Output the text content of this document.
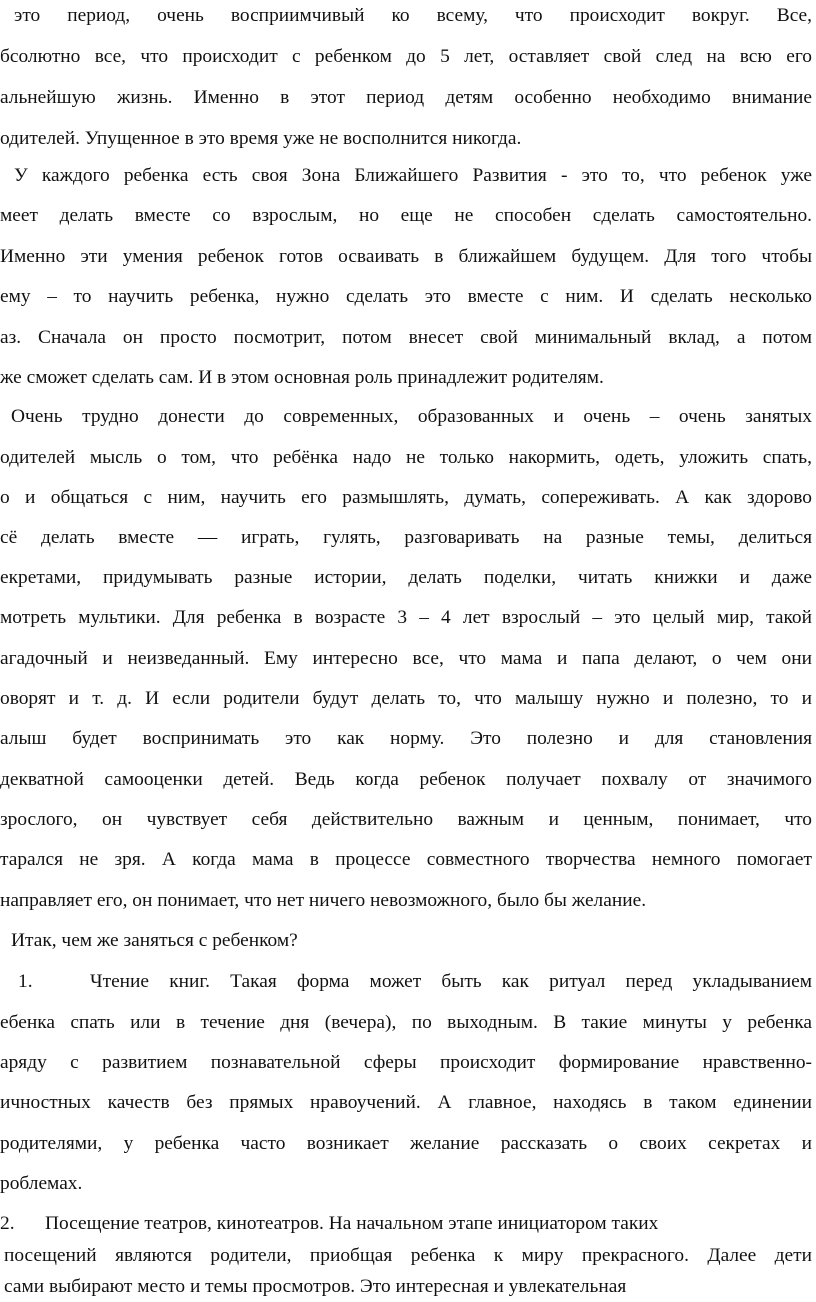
это период, очень восприимчивый ко всему, что происходит вокруг. Все,
бсолютно все, что происходит с ребенком до 5 лет, оставляет свой след на всю его
альнейшую жизнь. Именно в этот период детям особенно необходимо внимание
одителей. Упущенное в это время уже не восполнится никогда.
У каждого ребенка есть своя Зона Ближайшего Развития - это то, что ребенок уже
меет делать вместе со взрослым, но еще не способен сделать самостоятельно.
Именно эти умения ребенок готов осваивать в ближайшем будущем. Для того чтобы
ему – то научить ребенка, нужно сделать это вместе с ним. И сделать несколько
аз. Сначала он просто посмотрит, потом внесет свой минимальный вклад, а потом
же сможет сделать сам. И в этом основная роль принадлежит родителям.
Очень трудно донести до современных, образованных и очень – очень занятых
одителей мысль о том, что ребёнка надо не только накормить, одеть, уложить спать,
о и общаться с ним, научить его размышлять, думать, сопереживать. А как здорово
сё делать вместе — играть, гулять, разговаривать на разные темы, делиться
екретами, придумывать разные истории, делать поделки, читать книжки и даже
мотреть мультики. Для ребенка в возрасте 3 – 4 лет взрослый – это целый мир, такой
агадочный и неизведанный. Ему интересно все, что мама и папа делают, о чем они
оворят и т. д. И если родители будут делать то, что малышу нужно и полезно, то и
алыш будет воспринимать это как норму. Это полезно и для становления
декватной самооценки детей. Ведь когда ребенок получает похвалу от значимого
зрослого, он чувствует себя действительно важным и ценным, понимает, что
тарался не зря. А когда мама в процессе совместного творчества немного помогает
направляет его, он понимает, что нет ничего невозможного, было бы желание.
Итак, чем же заняться с ребенком?
1.	Чтение книг. Такая форма может быть как ритуал перед укладыванием
ебенка спать или в течение дня (вечера), по выходным. В такие минуты у ребенка
аряду с развитием познавательной сферы происходит формирование нравственно-
ичностных качеств без прямых нравоучений. А главное, находясь в таком единении
родителями, у ребенка часто возникает желание рассказать о своих секретах и
роблемах.
2. Посещение театров, кинотеатров. На начальном этапе инициатором таких
посещений являются родители, приобщая ребенка к миру прекрасного. Далее дети
сами выбирают место и темы просмотров. Это интересная и увлекательная
